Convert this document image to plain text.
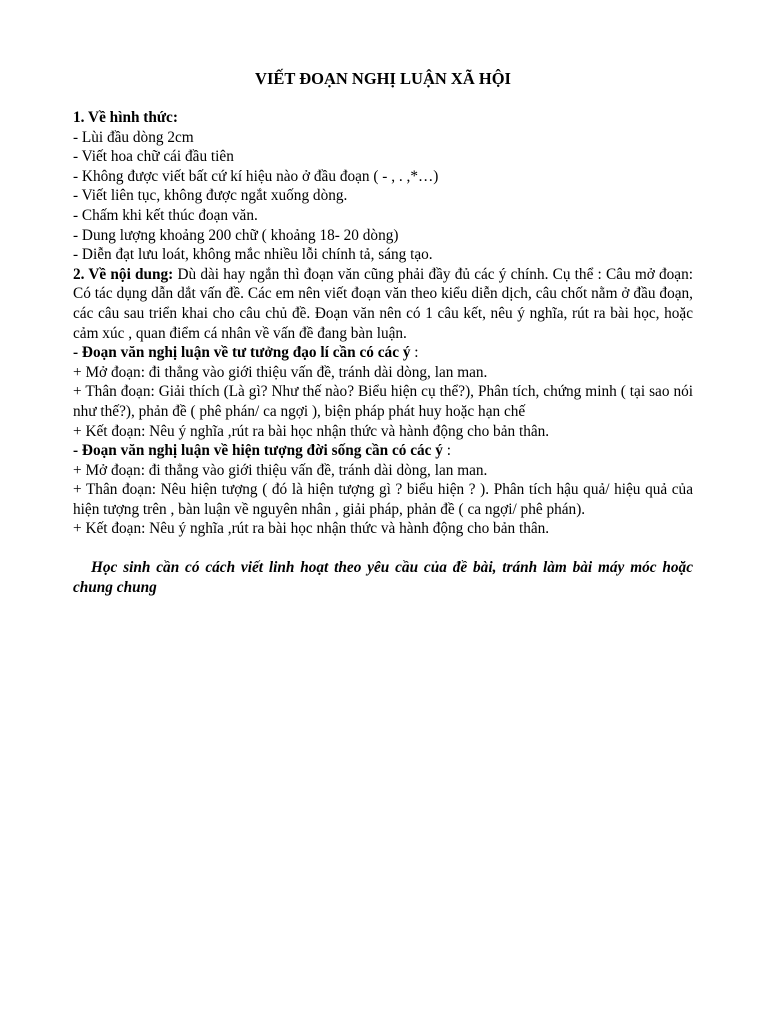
VIẾT ĐOẠN NGHỊ LUẬN XÃ HỘI

1. Về hình thức:

- Lùi đầu dòng 2cm

- Viết hoa chữ cái đầu tiên

- Không được viết bất cứ kí hiệu nào ở đầu đoạn ( - , . ,*…)

- Viết liên tục, không được ngắt xuống dòng.

- Chấm khi kết thúc đoạn văn.

- Dung lượng khoảng 200 chữ ( khoảng 18- 20 dòng)

- Diễn đạt lưu loát, không mắc nhiều lỗi chính tả, sáng tạo.

2. Về nội dung: Dù dài hay ngắn thì đoạn văn cũng phải đầy đủ các ý chính. Cụ thể : Câu mở đoạn: Có tác dụng dẫn dắt vấn đề. Các em nên viết đoạn văn theo kiểu diễn dịch, câu chốt nằm ở đầu đoạn, các câu sau triển khai cho câu chủ đề. Đoạn văn nên có 1 câu kết, nêu ý nghĩa, rút ra bài học, hoặc cảm xúc , quan điểm cá nhân về vấn đề đang bàn luận.

- Đoạn văn nghị luận về tư tưởng đạo lí cần có các ý :

+ Mở đoạn: đi thẳng vào giới thiệu vấn đề, tránh dài dòng, lan man.

+ Thân đoạn: Giải thích (Là gì? Như thế nào? Biểu hiện cụ thể?), Phân tích, chứng minh ( tại sao nói như thế?), phản đề ( phê phán/ ca ngợi ), biện pháp phát huy hoặc hạn chế

+ Kết đoạn: Nêu ý nghĩa ,rút ra bài học nhận thức và hành động cho bản thân.

- Đoạn văn nghị luận về hiện tượng đời sống cần có các ý :

+ Mở đoạn: đi thẳng vào giới thiệu vấn đề, tránh dài dòng, lan man.

+ Thân đoạn: Nêu hiện tượng ( đó là hiện tượng gì ? biểu hiện ? ). Phân tích hậu quả/ hiệu quả của hiện tượng trên , bàn luận về nguyên nhân , giải pháp, phản đề ( ca ngợi/ phê phán).

+ Kết đoạn: Nêu ý nghĩa ,rút ra bài học nhận thức và hành động cho bản thân.

Học sinh cần có cách viết linh hoạt theo yêu cầu của đề bài, tránh làm bài máy móc hoặc chung chung
